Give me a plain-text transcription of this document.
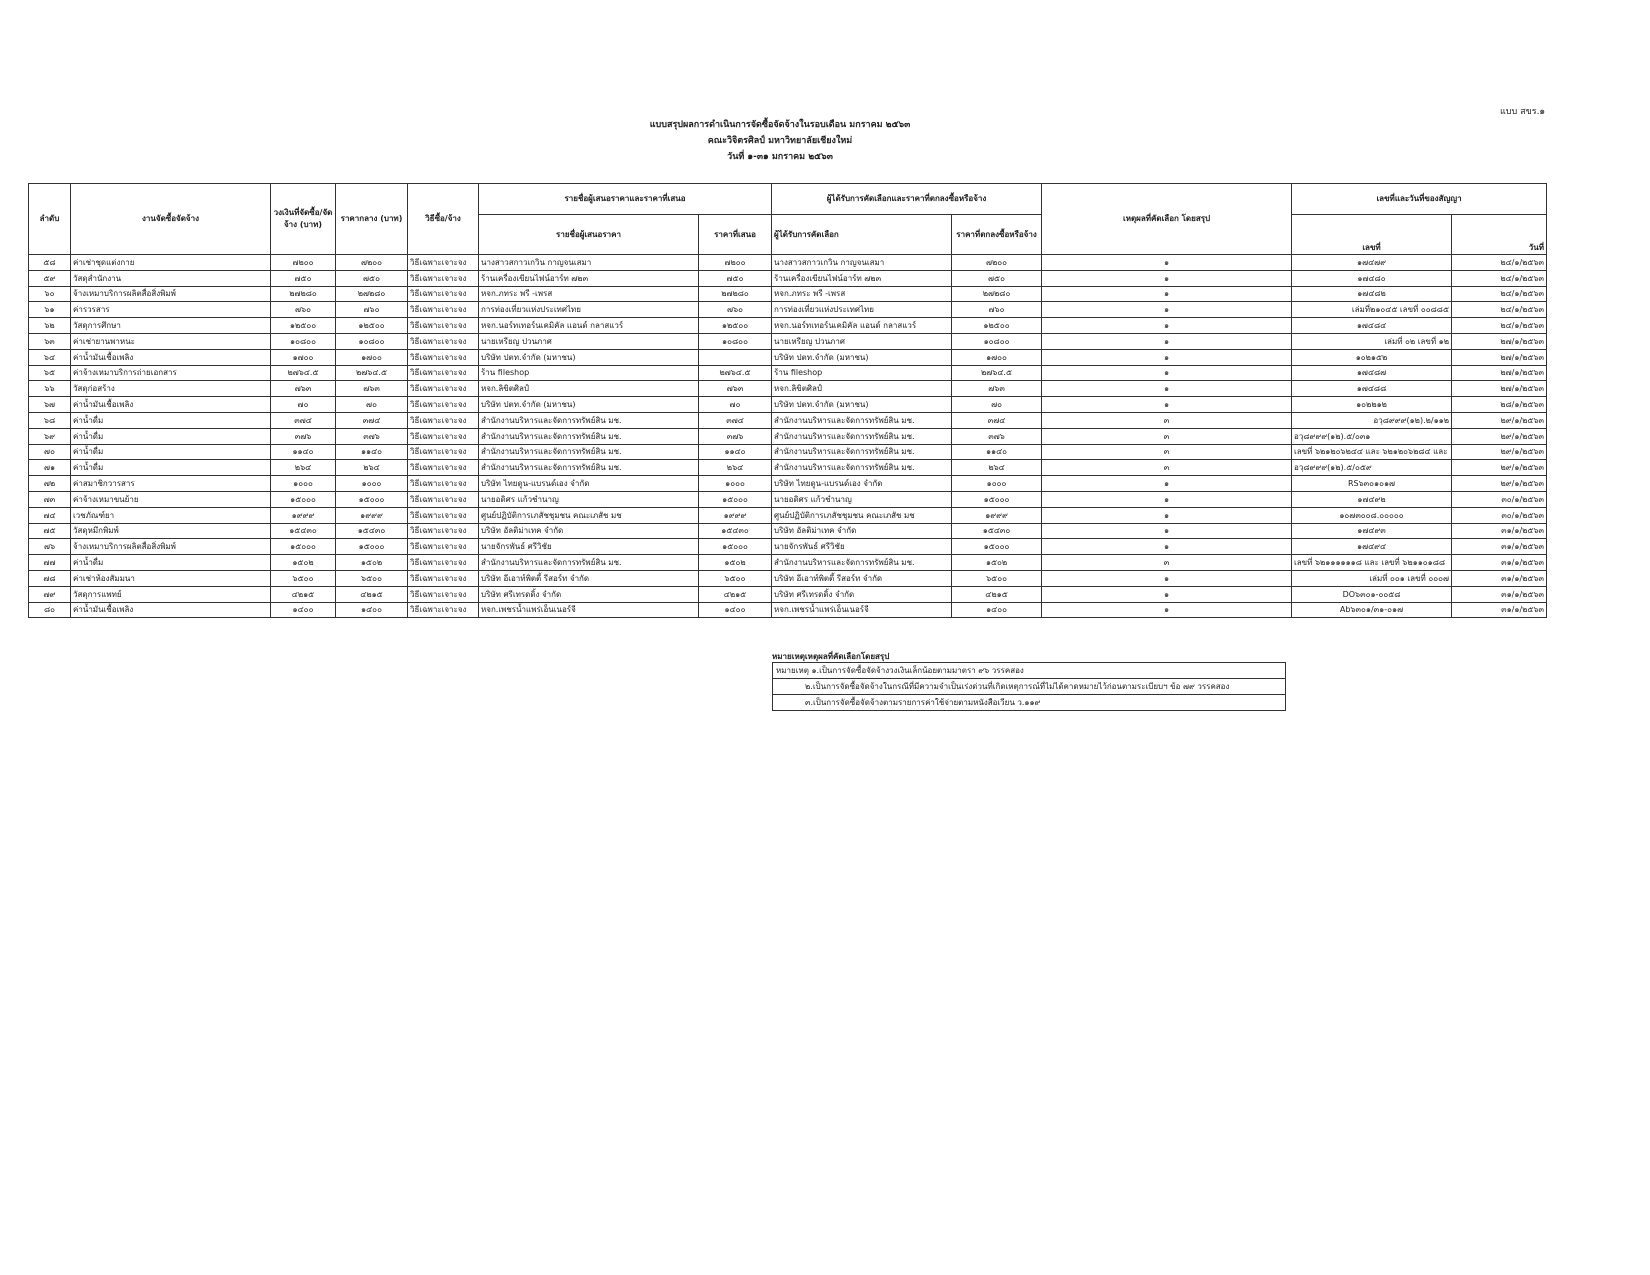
แบบ สขร.๑
แบบสรุปผลการดำเนินการจัดซื้อจัดจ้างในรอบเดือน มกราคม ๒๕๖๓
คณะวิจิตรศิลป์ มหาวิทยาลัยเชียงใหม่
วันที่ ๑-๓๑ มกราคม ๒๕๖๓
ลำดับ	งานจัดซื้อจัดจ้าง	วงเงินที่จัดซื้อ/จัดจ้าง (บาท)	ราคากลาง (บาท)	วิธีซื้อ/จ้าง	รายชื่อผู้เสนอราคาและราคาที่เสนอ		ผู้ได้รับการคัดเลือกและราคาที่ตกลงซื้อหรือจ้าง		เหตุผลที่คัดเลือก โดยสรุป	เลขที่และวันที่ของสัญญา	
					รายชื่อผู้เสนอราคา	ราคาที่เสนอ	ผู้ได้รับการคัดเลือก	ราคาที่ตกลงซื้อหรือจ้าง		เลขที่	วันที่
๕๘	ค่าเช่าชุดแต่งกาย	๗๒๐๐	๗๒๐๐	วิธีเฉพาะเจาะจง	นางสาวสกาวเกวิน กาญจนเสมา	๗๒๐๐	นางสาวสกาวเกวิน กาญจนเสมา	๗๒๐๐	๑	๑๗๔๗๙	๒๔/๑/๒๕๖๓
๕๙	วัสดุสำนักงาน	๗๕๐	๗๕๐	วิธีเฉพาะเจาะจง	ร้านเครื่องเขียนไฟน์อาร์ท ๗๒๓	๗๕๐	ร้านเครื่องเขียนไฟน์อาร์ท ๗๒๓	๗๕๐	๑	๑๗๔๘๐	๒๔/๑/๒๕๖๓
๖๐	จ้างเหมาบริการผลิตสื่อสิ่งพิมพ์	๒๗๒๘๐	๒๗๒๘๐	วิธีเฉพาะเจาะจง	หจก.ภทระ พรี -เพรส	๒๗๒๘๐	หจก.ภทระ พรี -เพรส	๒๗๒๘๐	๑	๑๗๔๘๒	๒๔/๑/๒๕๖๓
๖๑	ค่ารวรสาร	๗๖๐	๗๖๐	วิธีเฉพาะเจาะจง	การท่องเที่ยวแห่งประเทศไทย	๗๖๐	การท่องเที่ยวแห่งประเทศไทย	๗๖๐	๑	เล่มที่๒๑๐๔๕ เลขที่ ๐๐๘๘๕	๒๔/๑/๒๕๖๓
๖๒	วัสดุการศึกษา	๑๒๕๐๐	๑๒๕๐๐	วิธีเฉพาะเจาะจง	หจก.นอร์ทเทอร์นเคมิคัล แอนด์ กลาสแวร์	๑๒๕๐๐	หจก.นอร์ทเทอร์นเคมิคัล แอนด์ กลาสแวร์	๑๒๕๐๐	๑	๑๗๔๘๔	๒๔/๑/๒๕๖๓
๖๓	ค่าเช่ายานพาหนะ	๑๐๘๐๐	๑๐๘๐๐	วิธีเฉพาะเจาะจง	นายเหรียญ ปวนภาศ	๑๐๘๐๐	นายเหรียญ ปวนภาศ	๑๐๘๐๐	๑	เล่มที่ ๐๒ เลขที่ ๑๒	๒๗/๑/๒๕๖๓
๖๔	ค่าน้ำมันเชื้อเพลิง	๑๗๐๐	๑๗๐๐	วิธีเฉพาะเจาะจง	บริษัท ปตท.จำกัด (มหาชน)		บริษัท ปตท.จำกัด (มหาชน)	๑๗๐๐	๑	๑๐๒๑๕๒	๒๗/๑/๒๕๖๓
๖๕	ค่าจ้างเหมาบริการถ่ายเอกสาร	๒๗๖๔.๕	๒๗๖๔.๕	วิธีเฉพาะเจาะจง	ร้าน fileshop	๒๗๖๔.๕	ร้าน fileshop	๒๗๖๔.๕	๑	๑๗๔๘๗	๒๗/๑/๒๕๖๓
๖๖	วัสดุก่อสร้าง	๗๖๓	๗๖๓	วิธีเฉพาะเจาะจง	หจก.ลิขิตศิลป์	๗๖๓	หจก.ลิขิตศิลป์	๗๖๓	๑	๑๗๔๘๘	๒๗/๑/๒๕๖๓
๖๗	ค่าน้ำมันเชื้อเพลิง	๗๐	๗๐	วิธีเฉพาะเจาะจง	บริษัท ปตท.จำกัด (มหาชน)	๗๐	บริษัท ปตท.จำกัด (มหาชน)	๗๐	๑	๑๐๒๒๑๒	๒๘/๑/๒๕๖๓
๖๘	ค่าน้ำดื่ม	๓๗๔	๓๗๔	วิธีเฉพาะเจาะจง	สำนักงานบริหารและจัดการทรัพย์สิน มช.	๓๗๔	สำนักงานบริหารและจัดการทรัพย์สิน มช.	๓๗๔	๓	อวฺ๘๙๙๙(๑๒).๒/๑๑๒	๒๙/๑/๒๕๖๓
๖๙	ค่าน้ำดื่ม	๓๗๖	๓๗๖	วิธีเฉพาะเจาะจง	สำนักงานบริหารและจัดการทรัพย์สิน มช.	๓๗๖	สำนักงานบริหารและจัดการทรัพย์สิน มช.	๓๗๖	๓	อวฺ๘๙๙๙(๑๒).๕/๐๓๑	๒๙/๑/๒๕๖๓
๗๐	ค่าน้ำดื่ม	๑๑๔๐	๑๑๔๐	วิธีเฉพาะเจาะจง	สำนักงานบริหารและจัดการทรัพย์สิน มช.	๑๑๔๐	สำนักงานบริหารและจัดการทรัพย์สิน มช.	๑๑๔๐	๓	เลขที่ ๖๒๑๒๐๖๒๔๔ และ ๖๒๑๒๐๖๒๘๔ และ	๒๙/๑/๒๕๖๓
๗๑	ค่าน้ำดื่ม	๒๖๔	๒๖๔	วิธีเฉพาะเจาะจง	สำนักงานบริหารและจัดการทรัพย์สิน มช.	๒๖๔	สำนักงานบริหารและจัดการทรัพย์สิน มช.	๒๖๔	๓	อวฺ๘๙๙๙(๑๒).๕/๐๕๙	๒๙/๑/๒๕๖๓
๗๒	ค่าสมาชิกวารสาร	๑๐๐๐	๑๐๐๐	วิธีเฉพาะเจาะจง	บริษัท ไทยดูน-แบรนด์เอง จำกัด	๑๐๐๐	บริษัท ไทยดูน-แบรนด์เอง จำกัด	๑๐๐๐	๑	RS๖๓๐๑๐๑๗	๒๙/๑/๒๕๖๓
๗๓	ค่าจ้างเหมาขนย้าย	๑๕๐๐๐	๑๕๐๐๐	วิธีเฉพาะเจาะจง	นายอดิศร แก้วชำนาญ	๑๕๐๐๐	นายอดิศร แก้วชำนาญ	๑๕๐๐๐	๑	๑๗๔๙๒	๓๐/๑/๒๕๖๓
๗๔	เวชภัณฑ์ยา	๑๙๙๙	๑๙๙๙	วิธีเฉพาะเจาะจง	ศูนย์ปฏิบัติการเภสัชชุมชน คณะเภสัช มช	๑๙๙๙	ศูนย์ปฏิบัติการเภสัชชุมชน คณะเภสัช มช	๑๙๙๙	๑	๑๐๗๓๐๐๘.๐๐๐๐๐	๓๐/๑/๒๕๖๓
๗๕	วัสดุหมึกพิมพ์	๑๕๔๓๐	๑๕๔๓๐	วิธีเฉพาะเจาะจง	บริษัท อัลติม่าเทค จำกัด	๑๕๔๓๐	บริษัท อัลติม่าเทค จำกัด	๑๕๔๓๐	๑	๑๗๔๙๓	๓๑/๑/๒๕๖๓
๗๖	จ้างเหมาบริการผลิตสื่อสิ่งพิมพ์	๑๕๐๐๐	๑๕๐๐๐	วิธีเฉพาะเจาะจง	นายจักรพันธ์ ศรีวิชัย	๑๕๐๐๐	นายจักรพันธ์ ศรีวิชัย	๑๕๐๐๐	๑	๑๗๔๙๔	๓๑/๑/๒๕๖๓
๗๗	ค่าน้ำดื่ม	๑๕๐๒	๑๕๐๒	วิธีเฉพาะเจาะจง	สำนักงานบริหารและจัดการทรัพย์สิน มช.	๑๕๐๒	สำนักงานบริหารและจัดการทรัพย์สิน มช.	๑๕๐๒	๓	เลขที่ ๖๒๑๑๑๑๑๑๘ และ เลขที่ ๖๒๑๑๐๑๘๘	๓๑/๑/๒๕๖๓
๗๘	ค่าเช่าห้องสัมมนา	๖๕๐๐	๖๕๐๐	วิธีเฉพาะเจาะจง	บริษัท อีเอาท์พิตตี้ รีสอร์ท จำกัด	๖๕๐๐	บริษัท อีเอาท์พิตตี้ รีสอร์ท จำกัด	๖๕๐๐	๑	เล่มที่ ๐๐๑ เลขที่ ๐๐๐๗	๓๑/๑/๒๕๖๓
๗๙	วัสดุการแพทย์	๔๒๑๕	๔๒๑๕	วิธีเฉพาะเจาะจง	บริษัท ศรีเทรดดิ้ง จำกัด	๔๒๑๕	บริษัท ศรีเทรดดิ้ง จำกัด	๔๒๑๕	๑	DO๖๓๐๑-๐๐๕๘	๓๑/๑/๒๕๖๓
๘๐	ค่าน้ำมันเชื้อเพลิง	๑๔๐๐	๑๔๐๐	วิธีเฉพาะเจาะจง	หจก.เพชรน้ำแพร่เอ็นเนอร์จี	๑๔๐๐	หจก.เพชรน้ำแพร่เอ็นเนอร์จี	๑๔๐๐	๑	Ab๖๓๐๑/๓๑-๐๑๗	๓๑/๑/๒๕๖๓
หมายเหตุเหตุผลที่คัดเลือกโดยสรุป
หมายเหตุ ๑.เป็นการจัดซื้อจัดจ้างวงเงินเล็กน้อยตามมาตรา ๙๖ วรรคสอง
๒.เป็นการจัดซื้อจัดจ้างในกรณีที่มีความจำเป็นเร่งด่วนที่เกิดเหตุการณ์ที่ไม่ได้คาดหมายไว้ก่อนตามระเบียบฯ ข้อ ๗๙ วรรคสอง
๓.เป็นการจัดซื้อจัดจ้างตามรายการค่าใช้จ่ายตามหนังสือเวียน ว.๑๑๙
